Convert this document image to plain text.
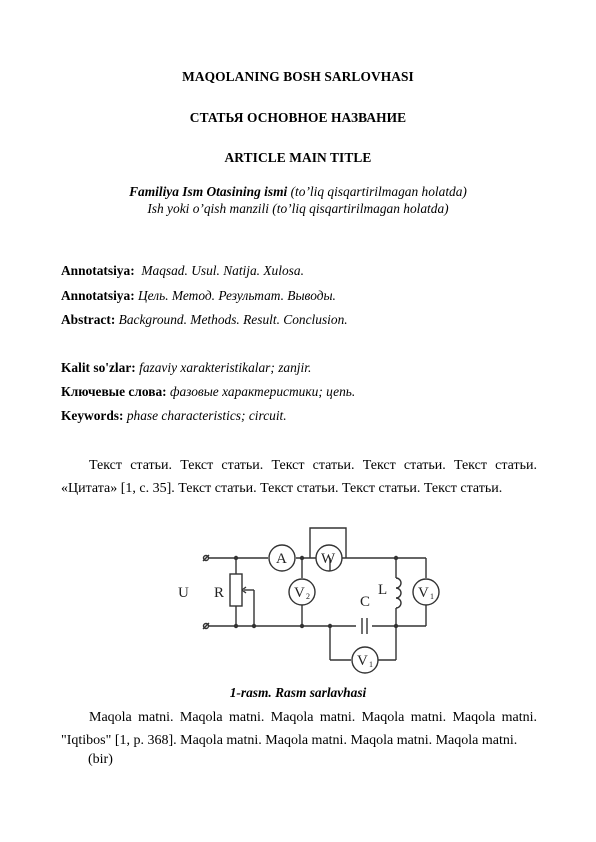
MAQOLANING BOSH SARLOVHASI
СТАТЬЯ ОСНОВНОЕ НАЗВАНИЕ
ARTICLE MAIN TITLE
Familiya Ism Otasining ismi (to’liq qisqartirilmagan holatda)
Ish yoki o’qish manzili (to’liq qisqartirilmagan holatda)
Annotatsiya: Maqsad. Usul. Natija. Xulosa.
Annotatsiya: Цель. Метод. Результат. Выводы.
Abstract: Background. Methods. Result. Conclusion.
Kalit so'zlar: fazaviy xarakteristikalar; zanjir.
Ключевые слова: фазовые характеристики; цепь.
Keywords: phase characteristics; circuit.

Текст статьи. Текст статьи. Текст статьи. Текст статьи. Текст статьи.

«Цитата» [1, с. 35]. Текст статьи. Текст статьи. Текст статьи. Текст статьи.

U R
A W
L
C
V	V
V
2	1
1
1-rasm. Rasm sarlavhasi

Maqola matni. Maqola matni. Maqola matni. Maqola matni. Maqola matni.

"Iqtibos" [1, p. 368]. Maqola matni. Maqola matni. Maqola matni. Maqola matni.

(bir)
